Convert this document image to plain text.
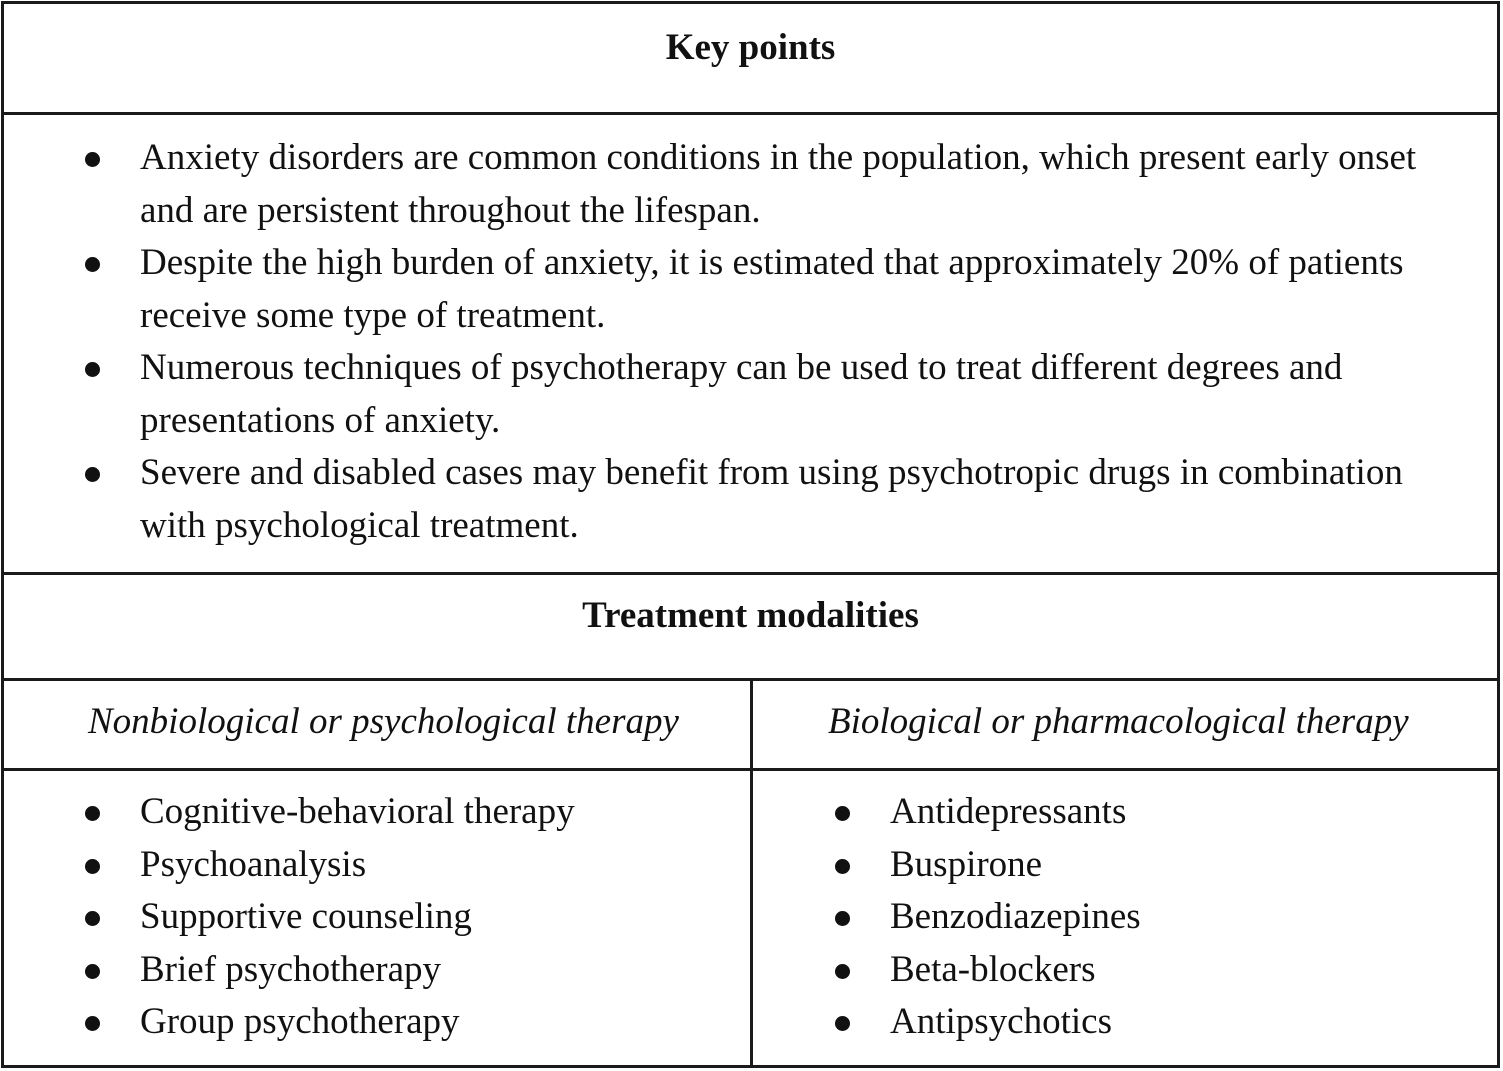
Key points
Anxiety disorders are common conditions in the population, which present early onset and are persistent throughout the lifespan.
Despite the high burden of anxiety, it is estimated that approximately 20% of patients receive some type of treatment.
Numerous techniques of psychotherapy can be used to treat different degrees and presentations of anxiety.
Severe and disabled cases may benefit from using psychotropic drugs in combination with psychological treatment.
Treatment modalities
Nonbiological or psychological therapy	Biological or pharmacological therapy
Cognitive-behavioral therapy
Psychoanalysis
Supportive counseling
Brief psychotherapy
Group psychotherapy
Antidepressants
Buspirone
Benzodiazepines
Beta-blockers
Antipsychotics
